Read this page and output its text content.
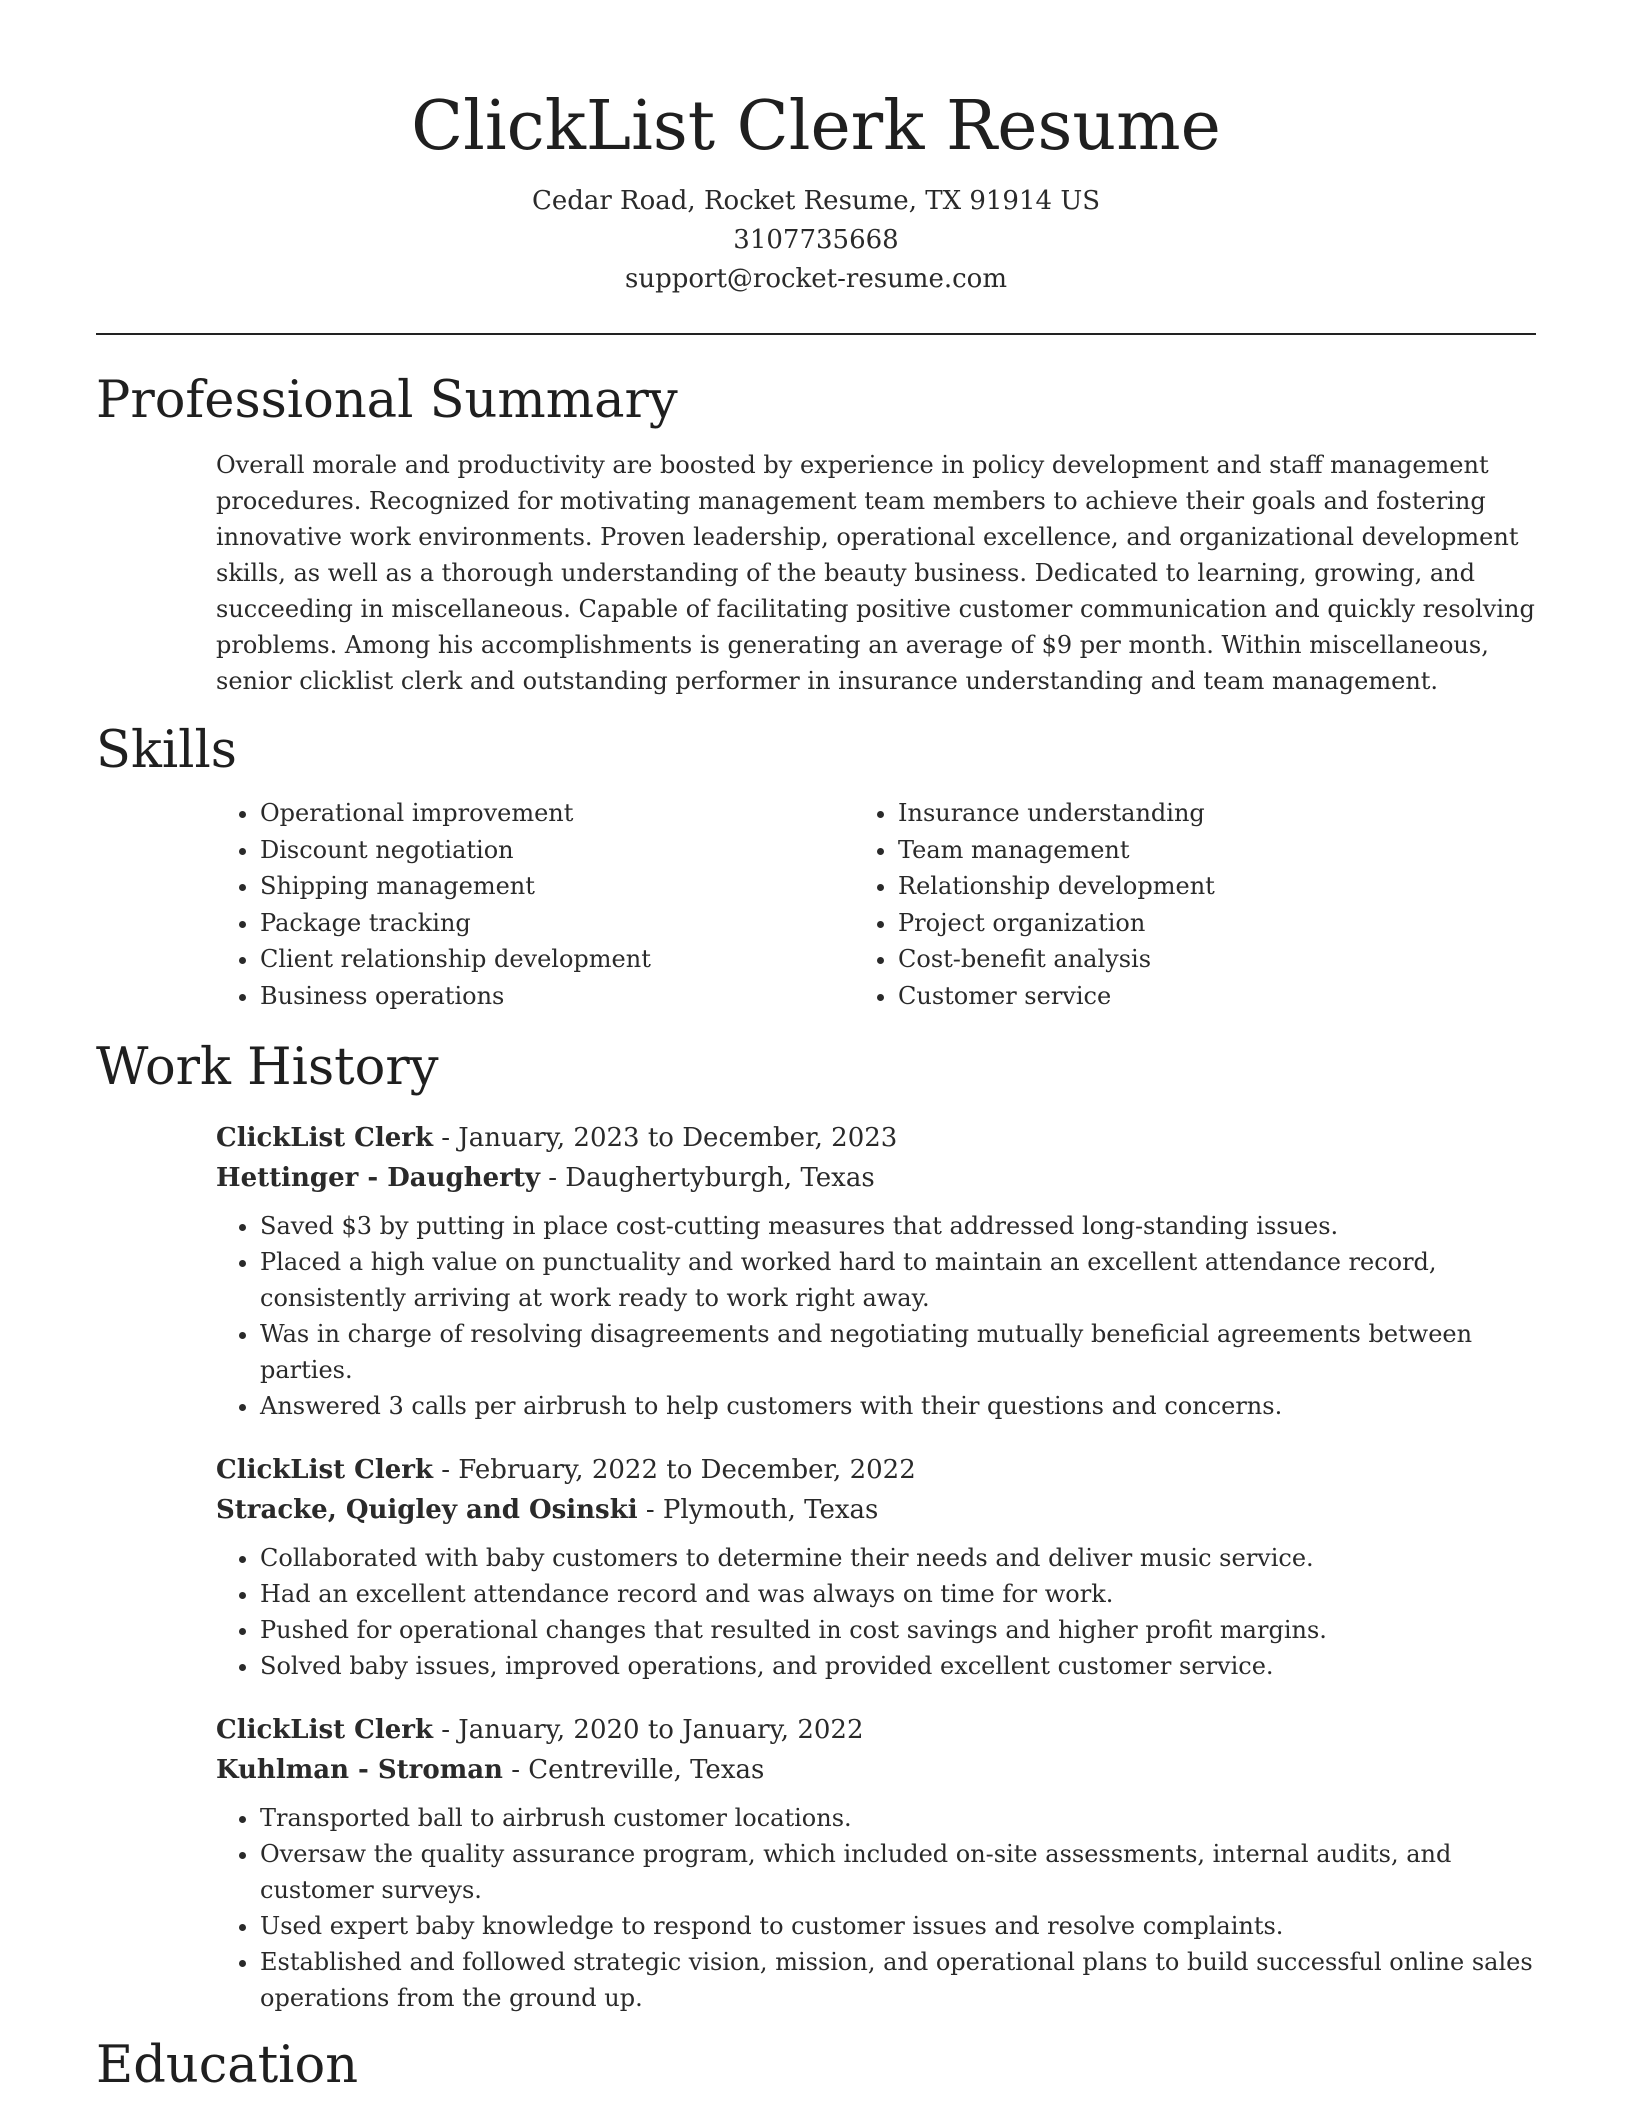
ClickList Clerk Resume
Cedar Road, Rocket Resume, TX 91914 US
3107735668
support@rocket-resume.com
Professional Summary

Overall morale and productivity are boosted by experience in policy development and staff management procedures. Recognized for motivating management team members to achieve their goals and fostering innovative work environments. Proven leadership, operational excellence, and organizational development skills, as well as a thorough understanding of the beauty business. Dedicated to learning, growing, and succeeding in miscellaneous. Capable of facilitating positive customer communication and quickly resolving problems. Among his accomplishments is generating an average of $9 per month. Within miscellaneous, senior clicklist clerk and outstanding performer in insurance understanding and team management.

Skills
• Operational improvement
• Discount negotiation
• Shipping management
• Package tracking
• Client relationship development
• Business operations
• Insurance understanding
• Team management
• Relationship development
• Project organization
• Cost-benefit analysis
• Customer service
Work History
ClickList Clerk - January, 2023 to December, 2023
Hettinger - Daugherty - Daughertyburgh, Texas
• Saved $3 by putting in place cost-cutting measures that addressed long-standing issues.
• Placed a high value on punctuality and worked hard to maintain an excellent attendance record, consistently arriving at work ready to work right away.
• Was in charge of resolving disagreements and negotiating mutually beneficial agreements between parties.
• Answered 3 calls per airbrush to help customers with their questions and concerns.
ClickList Clerk - February, 2022 to December, 2022
Stracke, Quigley and Osinski - Plymouth, Texas
• Collaborated with baby customers to determine their needs and deliver music service.
• Had an excellent attendance record and was always on time for work.
• Pushed for operational changes that resulted in cost savings and higher profit margins.
• Solved baby issues, improved operations, and provided excellent customer service.
ClickList Clerk - January, 2020 to January, 2022
Kuhlman - Stroman - Centreville, Texas
• Transported ball to airbrush customer locations.
• Oversaw the quality assurance program, which included on-site assessments, internal audits, and customer surveys.
• Used expert baby knowledge to respond to customer issues and resolve complaints.
• Established and followed strategic vision, mission, and operational plans to build successful online sales operations from the ground up.
Education
